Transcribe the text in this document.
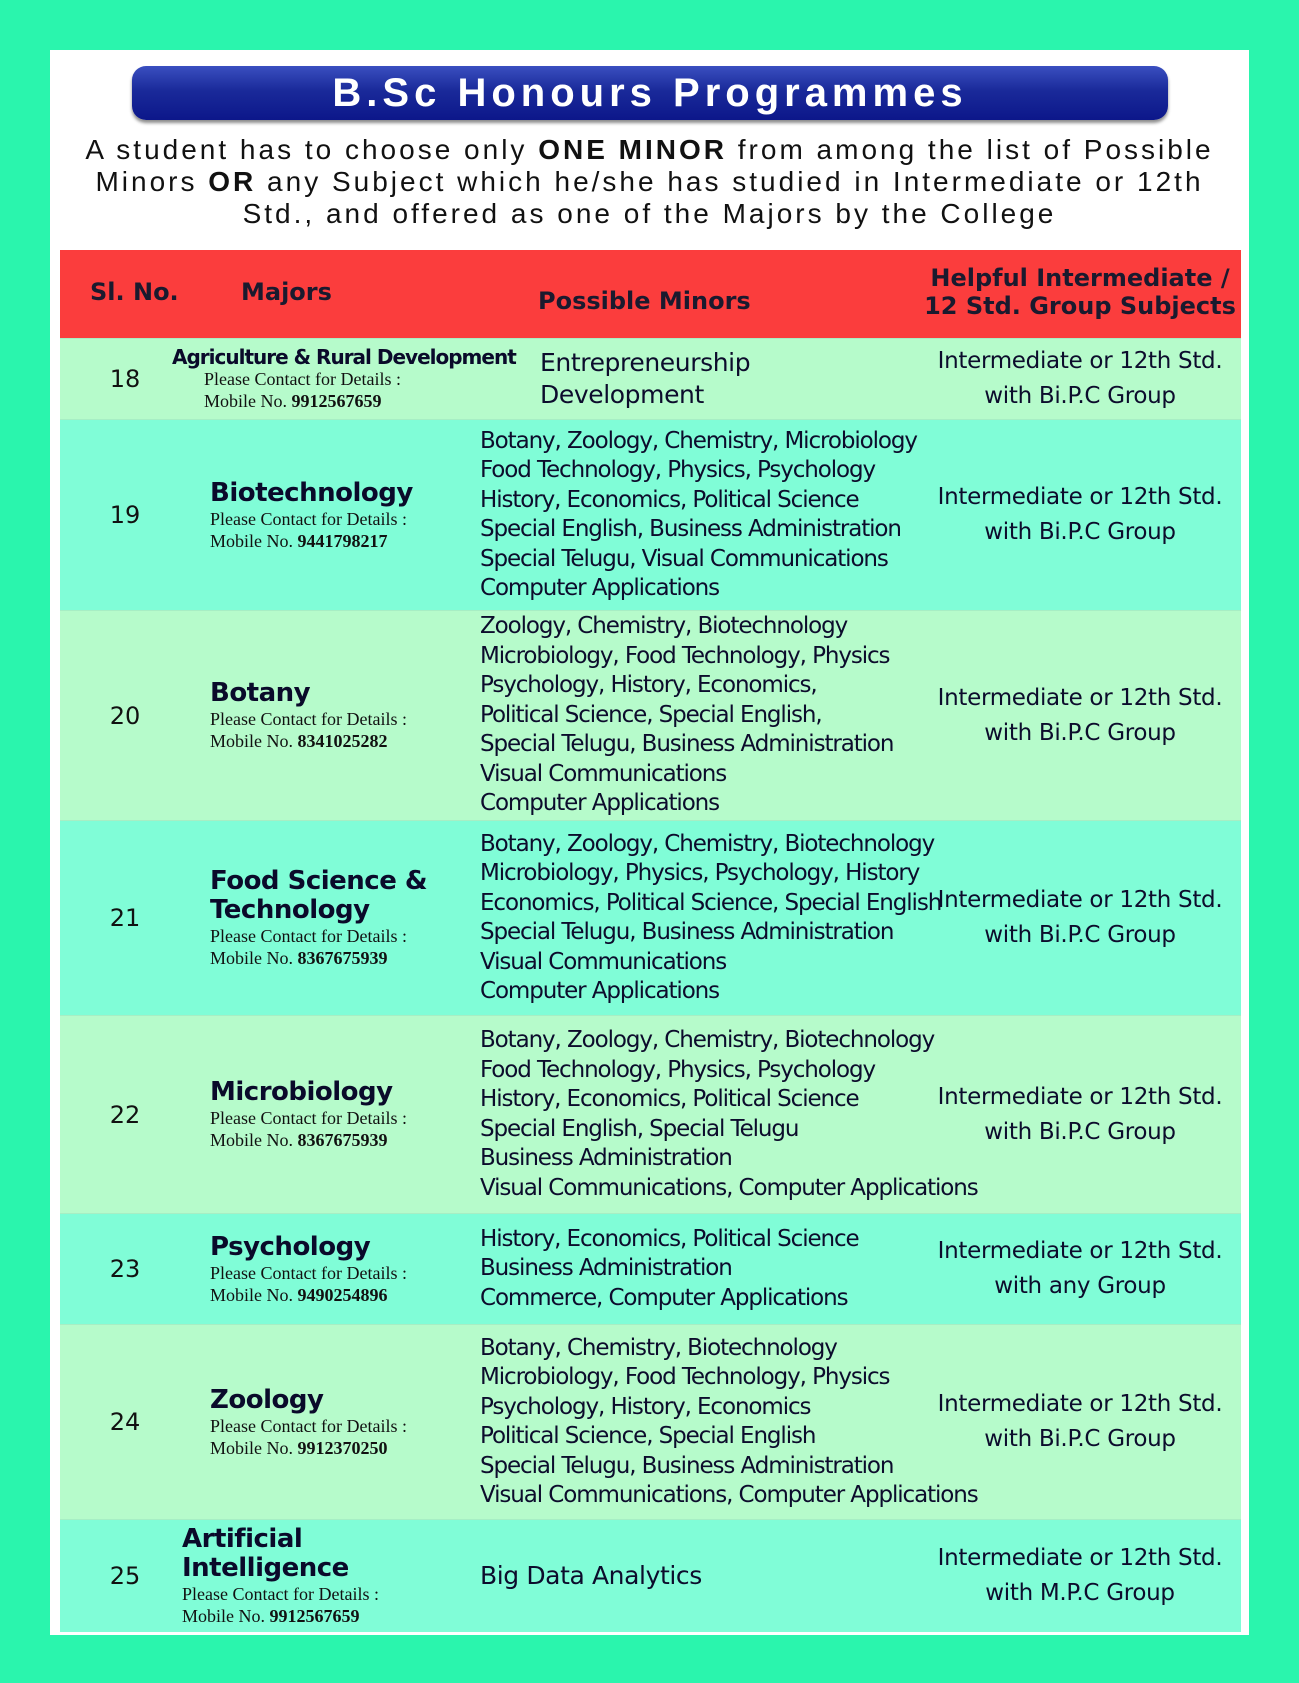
B.Sc Honours Programmes
A student has to choose only ONE MINOR from among the list of Possible Minors OR any Subject which he/she has studied in Intermediate or 12th Std., and offered as one of the Majors by the College
Sl. No.	Majors	Possible Minors
Helpful Intermediate /
12 Std. Group Subjects
18
Agriculture & Rural Development
Please Contact for Details :
Mobile No. 9912567659
Entrepreneurship
Development
Intermediate or 12th Std.
with Bi.P.C Group
19
Biotechnology
Please Contact for Details :
Mobile No. 9441798217
Botany, Zoology, Chemistry, Microbiology
Food Technology, Physics, Psychology
History, Economics, Political Science
Special English, Business Administration
Special Telugu, Visual Communications
Computer Applications
Intermediate or 12th Std.
with Bi.P.C Group
20
Botany
Please Contact for Details :
Mobile No. 8341025282
Zoology, Chemistry, Biotechnology
Microbiology, Food Technology, Physics
Psychology, History, Economics,
Political Science, Special English,
Special Telugu, Business Administration
Visual Communications
Computer Applications
Intermediate or 12th Std.
with Bi.P.C Group
21
Food Science & Technology
Please Contact for Details :
Mobile No. 8367675939
Botany, Zoology, Chemistry, Biotechnology
Microbiology, Physics, Psychology, History
Economics, Political Science, Special English
Special Telugu, Business Administration
Visual Communications
Computer Applications
Intermediate or 12th Std.
with Bi.P.C Group
22
Microbiology
Please Contact for Details :
Mobile No. 8367675939
Botany, Zoology, Chemistry, Biotechnology
Food Technology, Physics, Psychology
History, Economics, Political Science
Special English, Special Telugu
Business Administration
Visual Communications, Computer Applications
Intermediate or 12th Std.
with Bi.P.C Group
23
Psychology
Please Contact for Details :
Mobile No. 9490254896
History, Economics, Political Science
Business Administration
Commerce, Computer Applications
Intermediate or 12th Std.
with any Group
24
Zoology
Please Contact for Details :
Mobile No. 9912370250
Botany, Chemistry, Biotechnology
Microbiology, Food Technology, Physics
Psychology, History, Economics
Political Science, Special English
Special Telugu, Business Administration
Visual Communications, Computer Applications
Intermediate or 12th Std.
with Bi.P.C Group
25
Artificial Intelligence
Please Contact for Details :
Mobile No. 9912567659
Big Data Analytics
Intermediate or 12th Std.
with M.P.C Group
